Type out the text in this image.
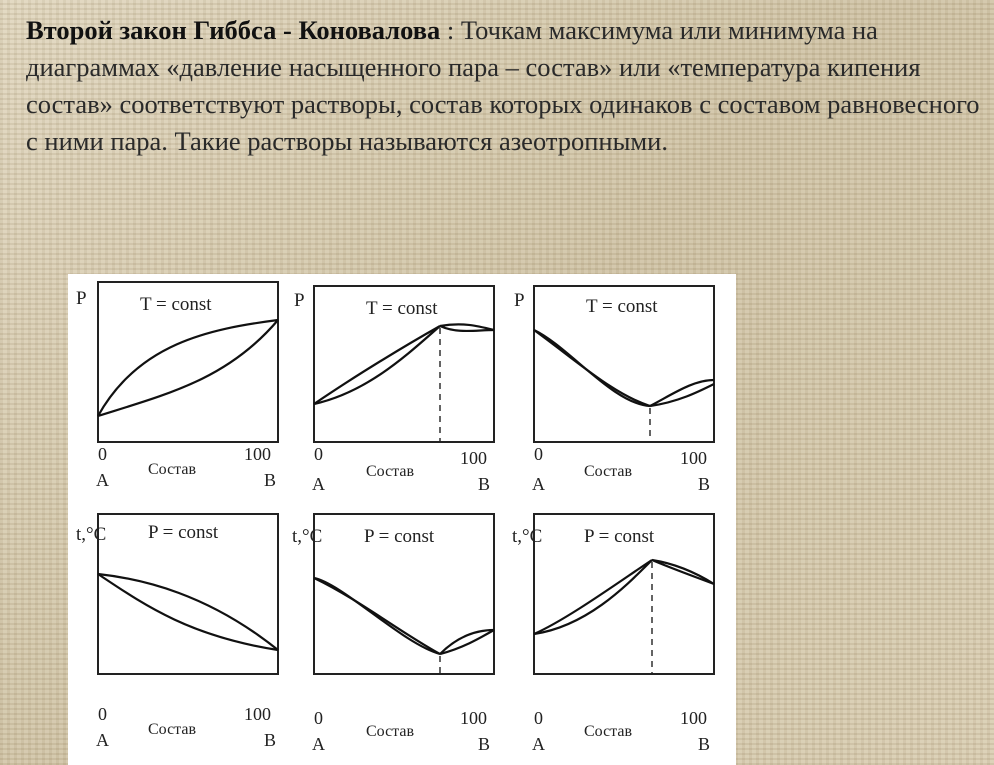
Второй закон Гиббса - Коновалова : Точкам максимума или минимума на диаграммах «давление насыщенного пара – состав» или «температура кипения состав» соответствуют растворы, состав которых одинаков с составом равновесного с ними пара. Такие растворы называются азеотропными.
P	T = const	P	T = const	P	T = const
0	100
A	B
0	100
A	B
0	100
A	B
Состав	Состав	Состав
t,°C P = const	t,°C P = const	t,°C P = const
0	100
A	B
0	100
A	B
0	100
A	B
Состав	Состав	Состав
